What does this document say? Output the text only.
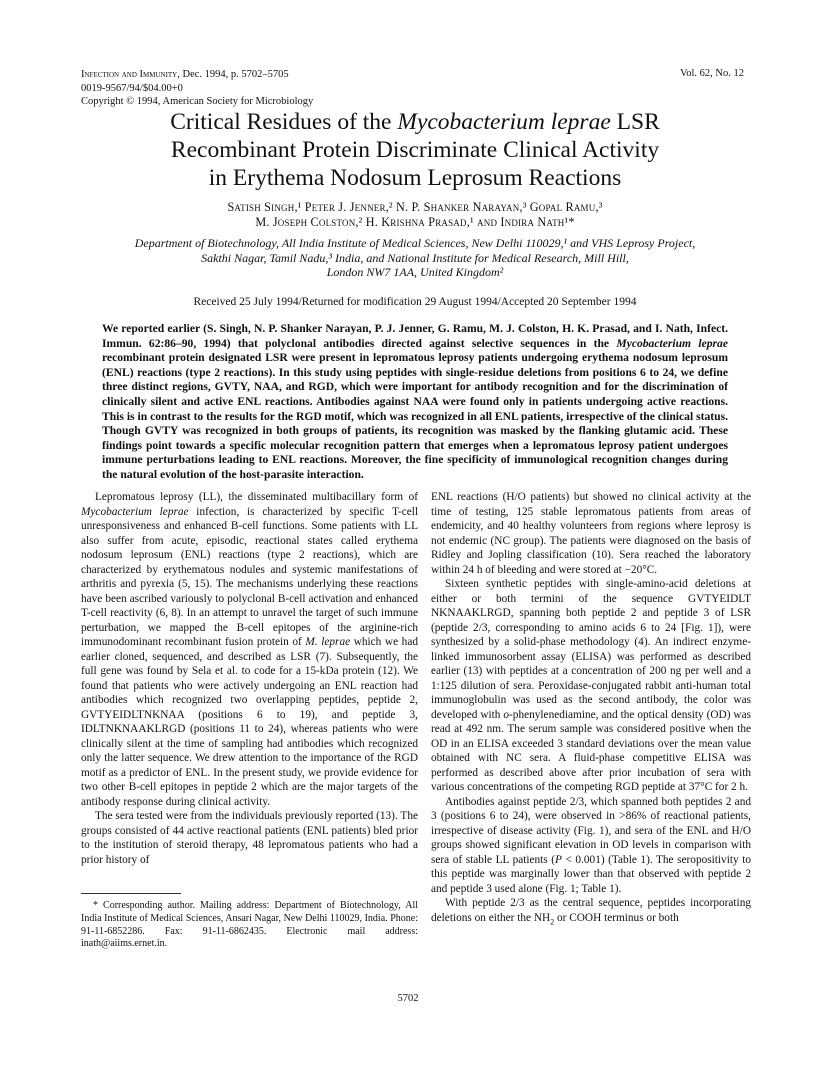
Infection and Immunity, Dec. 1994, p. 5702–5705
0019-9567/94/$04.00+0
Copyright © 1994, American Society for Microbiology
Vol. 62, No. 12
Critical Residues of the Mycobacterium leprae LSR
Recombinant Protein Discriminate Clinical Activity
in Erythema Nodosum Leprosum Reactions
Satish Singh,¹ Peter J. Jenner,² N. P. Shanker Narayan,³ Gopal Ramu,³
M. Joseph Colston,² H. Krishna Prasad,¹ and Indira Nath¹*
Department of Biotechnology, All India Institute of Medical Sciences, New Delhi 110029,¹ and VHS Leprosy Project,
Sakthi Nagar, Tamil Nadu,³ India, and National Institute for Medical Research, Mill Hill,
London NW7 1AA, United Kingdom²
Received 25 July 1994/Returned for modification 29 August 1994/Accepted 20 September 1994
We reported earlier (S. Singh, N. P. Shanker Narayan, P. J. Jenner, G. Ramu, M. J. Colston, H. K. Prasad, and I. Nath, Infect. Immun. 62:86–90, 1994) that polyclonal antibodies directed against selective sequences in the Mycobacterium leprae recombinant protein designated LSR were present in lepromatous leprosy patients undergoing erythema nodosum leprosum (ENL) reactions (type 2 reactions). In this study using peptides with single-residue deletions from positions 6 to 24, we define three distinct regions, GVTY, NAA, and RGD, which were important for antibody recognition and for the discrimination of clinically silent and active ENL reactions. Antibodies against NAA were found only in patients undergoing active reactions. This is in contrast to the results for the RGD motif, which was recognized in all ENL patients, irrespective of the clinical status. Though GVTY was recognized in both groups of patients, its recognition was masked by the flanking glutamic acid. These findings point towards a specific molecular recognition pattern that emerges when a lepromatous leprosy patient undergoes immune perturbations leading to ENL reactions. Moreover, the fine specificity of immunological recognition changes during the natural evolution of the host-parasite interaction.

Lepromatous leprosy (LL), the disseminated multibacillary form of Mycobacterium leprae infection, is characterized by specific T-cell unresponsiveness and enhanced B-cell functions. Some patients with LL also suffer from acute, episodic, reactional states called erythema nodosum leprosum (ENL) reactions (type 2 reactions), which are characterized by erythematous nodules and systemic manifestations of arthritis and pyrexia (5, 15). The mechanisms underlying these reactions have been ascribed variously to polyclonal B-cell activation and enhanced T-cell reactivity (6, 8). In an attempt to unravel the target of such immune perturbation, we mapped the B-cell epitopes of the arginine-rich immunodominant recombinant fusion protein of M. leprae which we had earlier cloned, sequenced, and described as LSR (7). Subsequently, the full gene was found by Sela et al. to code for a 15-kDa protein (12). We found that patients who were actively undergoing an ENL reaction had antibodies which recognized two overlapping peptides, peptide 2, GVTYEIDLTNKNAA (positions 6 to 19), and peptide 3, IDLTNKNAAKLRGD (positions 11 to 24), whereas patients who were clinically silent at the time of sampling had antibodies which recognized only the latter sequence. We drew attention to the importance of the RGD motif as a predictor of ENL. In the present study, we provide evidence for two other B-cell epitopes in peptide 2 which are the major targets of the antibody response during clinical activity.

The sera tested were from the individuals previously reported (13). The groups consisted of 44 active reactional patients (ENL patients) bled prior to the institution of steroid therapy, 48 lepromatous patients who had a prior history of

ENL reactions (H/O patients) but showed no clinical activity at the time of testing, 125 stable lepromatous patients from areas of endemicity, and 40 healthy volunteers from regions where leprosy is not endemic (NC group). The patients were diagnosed on the basis of Ridley and Jopling classification (10). Sera reached the laboratory within 24 h of bleeding and were stored at −20°C.

Sixteen synthetic peptides with single-amino-acid deletions at either or both termini of the sequence GVTYEIDLT NKNAAKLRGD, spanning both peptide 2 and peptide 3 of LSR (peptide 2/3, corresponding to amino acids 6 to 24 [Fig. 1]), were synthesized by a solid-phase methodology (4). An indirect enzyme-linked immunosorbent assay (ELISA) was performed as described earlier (13) with peptides at a concentration of 200 ng per well and a 1:125 dilution of sera. Peroxidase-conjugated rabbit anti-human total immunoglobulin was used as the second antibody, the color was developed with o-phenylenediamine, and the optical density (OD) was read at 492 nm. The serum sample was considered positive when the OD in an ELISA exceeded 3 standard deviations over the mean value obtained with NC sera. A fluid-phase competitive ELISA was performed as described above after prior incubation of sera with various concentrations of the competing RGD peptide at 37°C for 2 h.

Antibodies against peptide 2/3, which spanned both peptides 2 and 3 (positions 6 to 24), were observed in >86% of reactional patients, irrespective of disease activity (Fig. 1), and sera of the ENL and H/O groups showed significant elevation in OD levels in comparison with sera of stable LL patients (P < 0.001) (Table 1). The seropositivity to this peptide was marginally lower than that observed with peptide 2 and peptide 3 used alone (Fig. 1; Table 1).

With peptide 2/3 as the central sequence, peptides incorporating deletions on either the $NH_2$ or COOH terminus or both

* Corresponding author. Mailing address: Department of Biotechnology, All India Institute of Medical Sciences, Ansari Nagar, New Delhi 110029, India. Phone: 91-11-6852286. Fax: 91-11-6862435. Electronic mail address: inath@aiims.ernet.in.
5702
